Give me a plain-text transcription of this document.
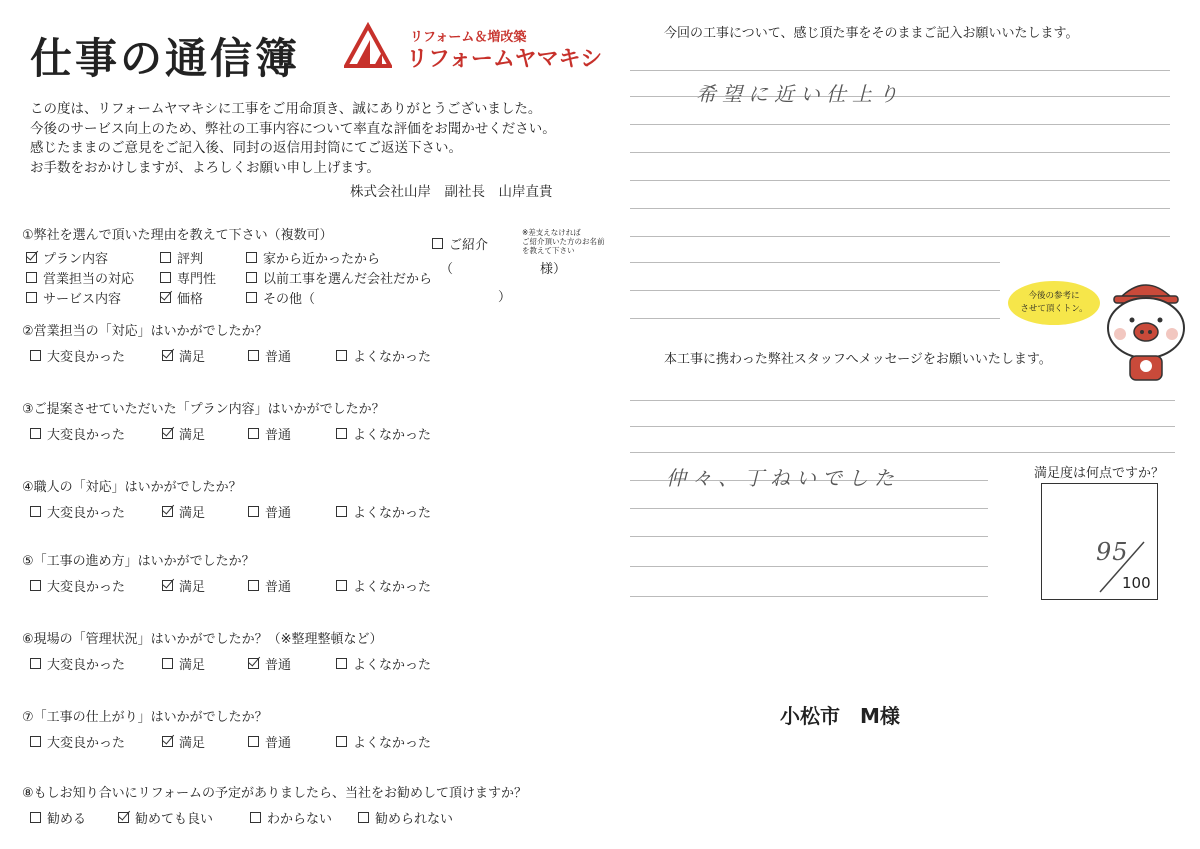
仕事の通信簿	リフォーム＆増改築
リフォームヤマキシ
この度は、リフォームヤマキシに工事をご用命頂き、誠にありがとうございました。
今後のサービス向上のため、弊社の工事内容について率直な評価をお聞かせください。
感じたままのご意見をご記入後、同封の返信用封筒にてご返送下さい。
お手数をおかけしますが、よろしくお願い申し上げます。
株式会社山岸　副社長　山岸直貴
①弊社を選んで頂いた理由を教えて下さい（複数可）
プラン内容	評判	家から近かったから
営業担当の対応	専門性	以前工事を選んだ会社だから
サービス内容	価格	その他（	）
ご紹介
※差支えなければ
ご紹介頂いた方のお名前
を教えて下さい
（	様）
②営業担当の「対応」はいかがでしたか？
大変良かった	満足	普通	よくなかった
③ご提案させていただいた「プラン内容」はいかがでしたか？
大変良かった	満足	普通	よくなかった
④職人の「対応」はいかがでしたか？
大変良かった	満足	普通	よくなかった
⑤「工事の進め方」はいかがでしたか？
大変良かった	満足	普通	よくなかった
⑥現場の「管理状況」はいかがでしたか？（※整理整頓など）
大変良かった	満足	普通	よくなかった
⑦「工事の仕上がり」はいかがでしたか？
大変良かった	満足	普通	よくなかった
⑧もしお知り合いにリフォームの予定がありましたら、当社をお勧めして頂けますか？
勧める	勧めても良い	わからない	勧められない
今回の工事について、感じ頂た事をそのままご記入お願いいたします。
希望に近い仕上り
今後の参考に
させて頂くトン。
本工事に携わった弊社スタッフへメッセージをお願いいたします。
仲々、丁ねいでした	満足度は何点ですか？
95
100
小松市　M様
